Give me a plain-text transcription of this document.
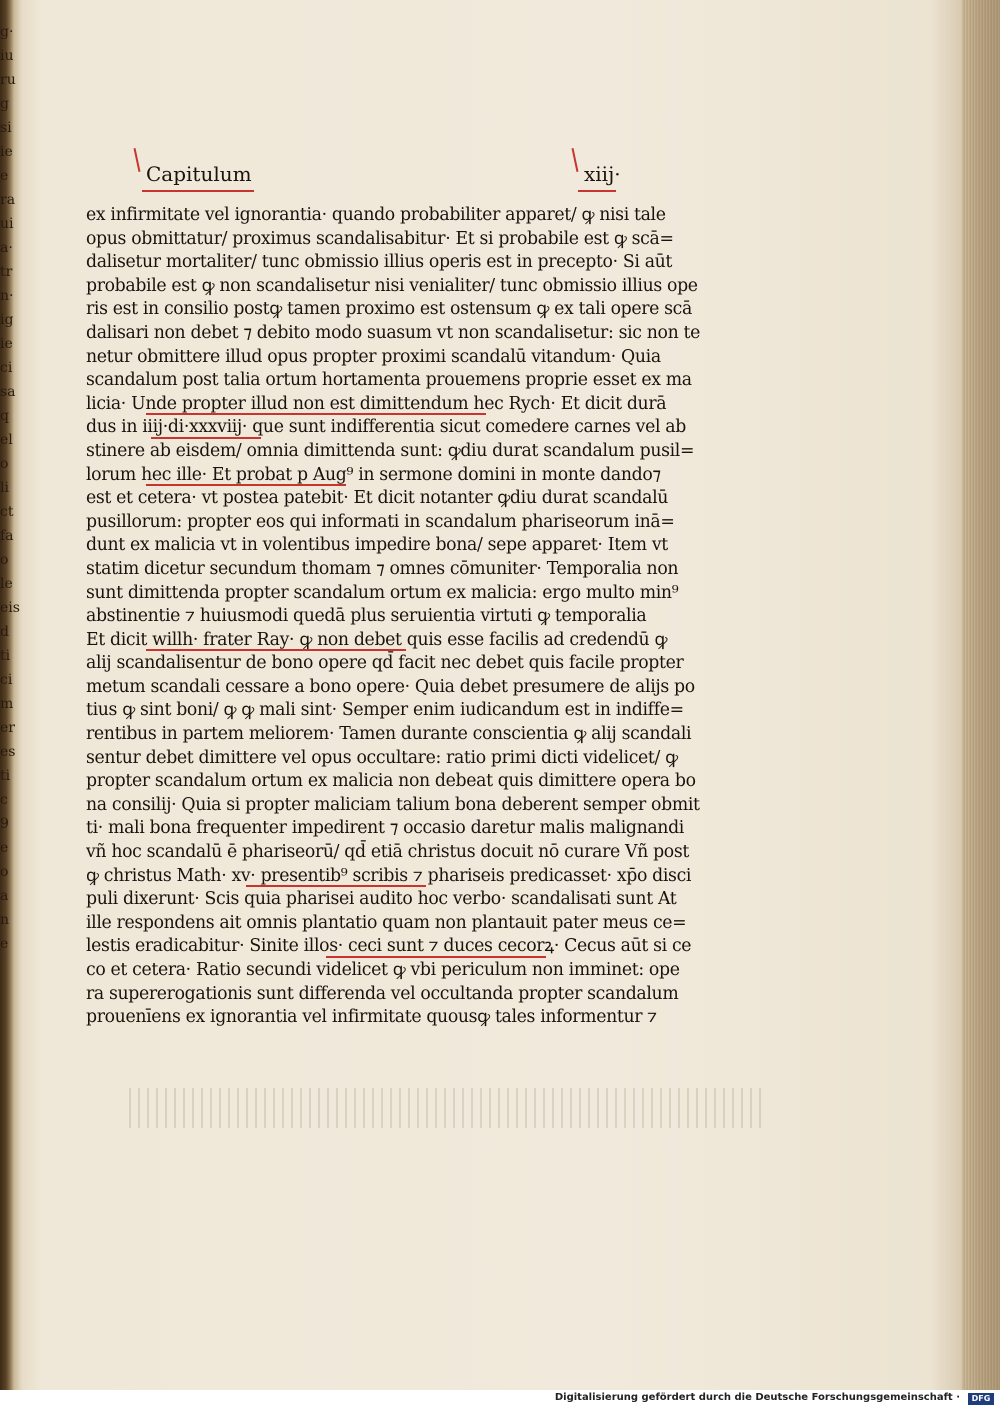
g·
iu
ru
g
si
ie
e
ra
ui
a·
tr
n·
ig
ie
ci
sa
q
el
o
li
ct
fa
o
le
eis
d
ti
ci
m
er
es
ti
c
9
e
o
a
n
e
Capitulum	xiij·
ex infirmitate vel ignorantia· quando probabiliter apparet/ ꝙ nisi tale
opus obmittatur/ proximus scandalisabitur· Et si probabile est ꝙ scā=
dalisetur mortaliter/ tunc obmissio illius operis est in precepto· Si aūt
probabile est ꝙ non scandalisetur nisi venialiter/ tunc obmissio illius ope
ris est in consilio postꝙ tamen proximo est ostensum ꝙ ex tali opere scā
dalisari non debet ⁊ debito modo suasum vt non scandalisetur: sic non te
netur obmittere illud opus propter proximi scandalū vitandum· Quia
scandalum post talia ortum hortamenta prouemens proprie esset ex ma
licia· Unde propter illud non est dimittendum hec Rych· Et dicit durā
dus in iiij·di·xxxviij· que sunt indifferentia sicut comedere carnes vel ab
stinere ab eisdem/ omnia dimittenda sunt: ꝙdiu durat scandalum pusil=
lorum hec ille· Et probat p Aug⁹ in sermone domini in monte dando⁊
est et cetera· vt postea patebit· Et dicit notanter ꝙdiu durat scandalū
pusillorum: propter eos qui informati in scandalum phariseorum inā=
dunt ex malicia vt in volentibus impedire bona/ sepe apparet· Item vt
statim dicetur secundum thomam ⁊ omnes cōmuniter· Temporalia non
sunt dimittenda propter scandalum ortum ex malicia: ergo multo min⁹
abstinentie ⁊ huiusmodi quedā plus seruientia virtuti ꝙ temporalia
Et dicit willh· frater Ray· ꝙ non debet quis esse facilis ad credendū ꝙ
alij scandalisentur de bono opere qd̄ facit nec debet quis facile propter
metum scandali cessare a bono opere· Quia debet presumere de alijs po
tius ꝙ sint boni/ ꝙ ꝙ mali sint· Semper enim iudicandum est in indiffe=
rentibus in partem meliorem· Tamen durante conscientia ꝙ alij scandali
sentur debet dimittere vel opus occultare: ratio primi dicti videlicet/ ꝙ
propter scandalum ortum ex malicia non debeat quis dimittere opera bo
na consilij· Quia si propter maliciam talium bona deberent semper obmit
ti· mali bona frequenter impedirent ⁊ occasio daretur malis malignandi
vñ hoc scandalū ē phariseorū/ qd̄ etiā christus docuit nō curare Vñ post
ꝙ christus Math· xv· presentib⁹ scribis ⁊ phariseis predicasset· xp̄o disci
puli dixerunt· Scis quia pharisei audito hoc verbo· scandalisati sunt At
ille respondens ait omnis plantatio quam non plantauit pater meus ce=
lestis eradicabitur· Sinite illos· ceci sunt ⁊ duces cecorꝝ· Cecus aūt si ce
co et cetera· Ratio secundi videlicet ꝙ vbi periculum non imminet: ope
ra supererogationis sunt differenda vel occultanda propter scandalum
prouenīens ex ignorantia vel infirmitate quousꝙ tales informentur ⁊
Digitalisierung gefördert durch die Deutsche Forschungsgemeinschaft ·	DFG
